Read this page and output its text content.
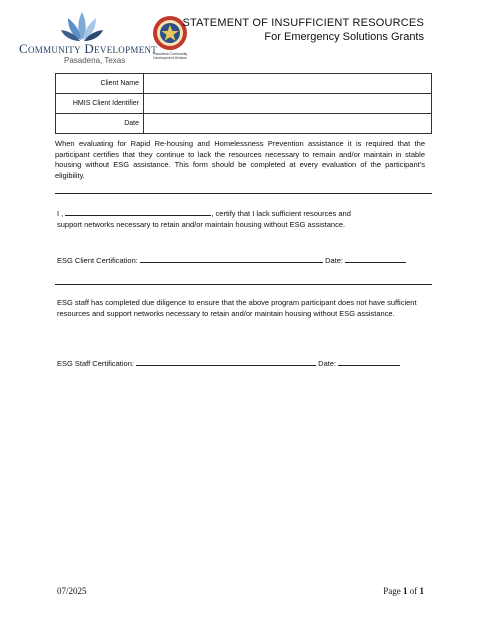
Community Development
Pasadena, Texas
Pasadena Community Development Division
STATEMENT OF INSUFFICIENT RESOURCES
For Emergency Solutions Grants
Client Name	
HMIS Client Identifier	
Date	
When evaluating for Rapid Re-housing and Homelessness Prevention assistance it is required that the participant certifies that they continue to lack the resources necessary to remain and/or maintain in stable housing without ESG assistance. This form should be completed at every evaluation of the participant’s eligibility.
I ,	, certify that I lack sufficient resources and
support networks necessary to retain and/or maintain housing without ESG assistance.
ESG Client Certification:	Date:
ESG staff has completed due diligence to ensure that the above program participant does not have sufficient resources and support networks necessary to retain and/or maintain housing without ESG assistance.
ESG Staff Certification:	Date:
07/2025	Page 1 of 1
